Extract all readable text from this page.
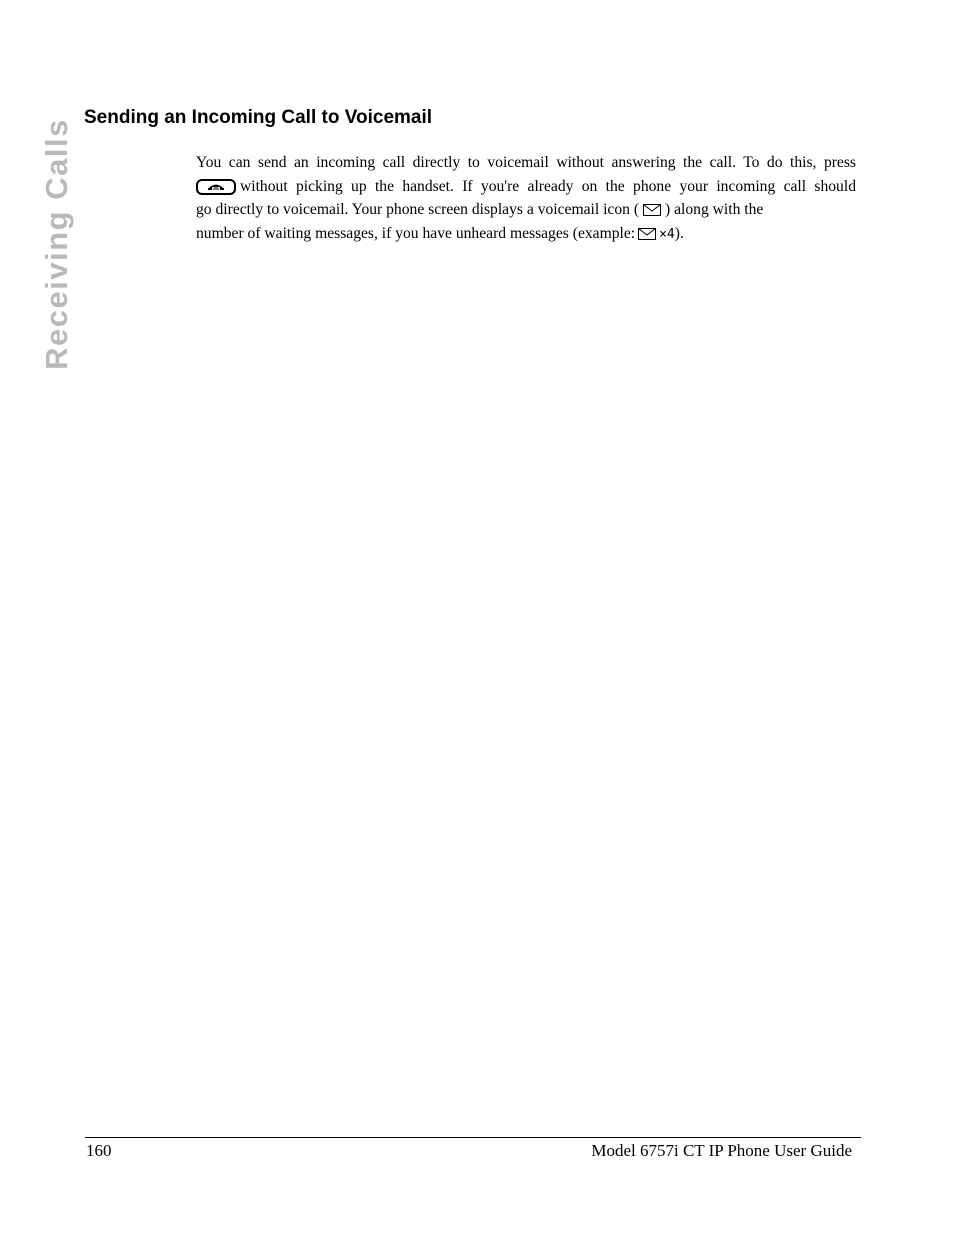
Receiving Calls
Sending an Incoming Call to Voicemail
You can send an incoming call directly to voicemail without answering the call. To do this, press
without picking up the handset. If you're already on the phone your incoming call should
go directly to voicemail. Your phone screen displays a voicemail icon ( ) along with the
number of waiting messages, if you have unheard messages (example: ×4).
160	Model 6757i CT IP Phone User Guide
